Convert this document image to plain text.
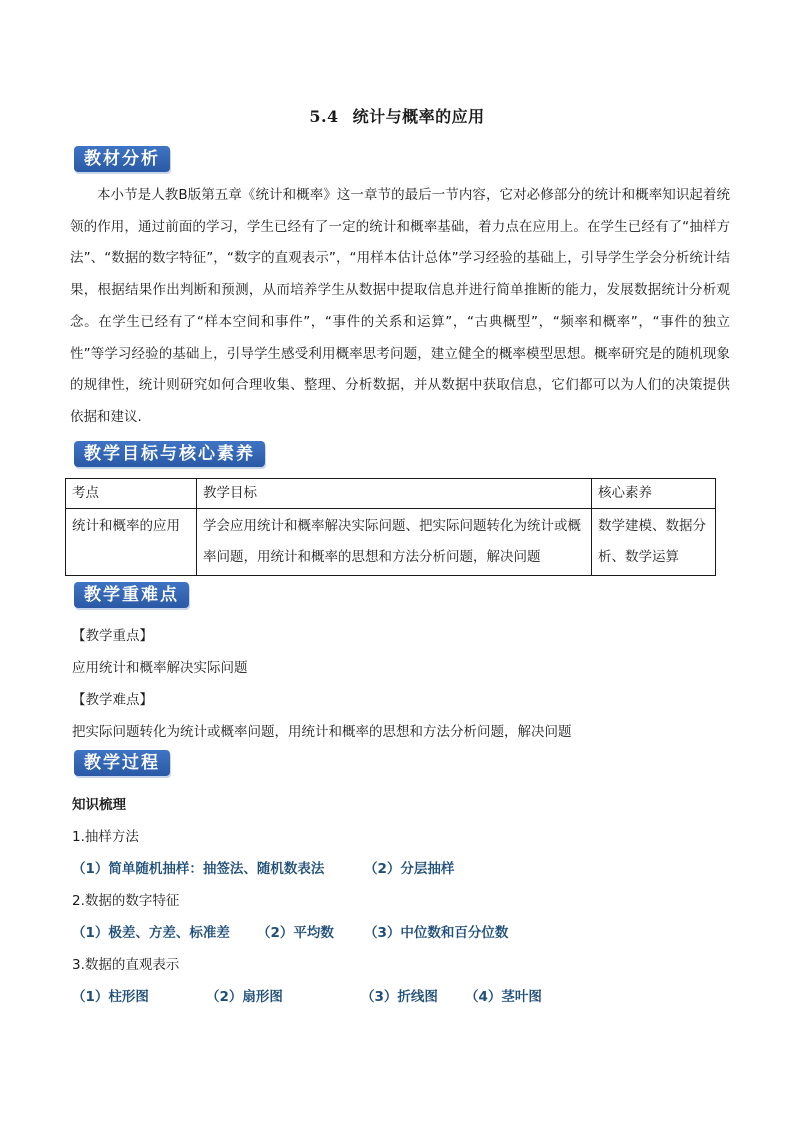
5.4 统计与概率的应用
教材分析
本小节是人教B版第五章《统计和概率》这一章节的最后一节内容，它对必修部分的统计和概率知识起着统领的作用，通过前面的学习，学生已经有了一定的统计和概率基础，着力点在应用上。在学生已经有了“抽样方法”、“数据的数字特征”，“数字的直观表示”，“用样本估计总体”学习经验的基础上，引导学生学会分析统计结果，根据结果作出判断和预测，从而培养学生从数据中提取信息并进行简单推断的能力，发展数据统计分析观念。在学生已经有了“样本空间和事件”，“事件的关系和运算”，“古典概型”，“频率和概率”，“事件的独立性”等学习经验的基础上，引导学生感受利用概率思考问题，建立健全的概率模型思想。概率研究是的随机现象的规律性，统计则研究如何合理收集、整理、分析数据，并从数据中获取信息，它们都可以为人们的决策提供依据和建议.
教学目标与核心素养
考点	教学目标	核心素养
统计和概率的应用	学会应用统计和概率解决实际问题、把实际问题转化为统计或概率问题，用统计和概率的思想和方法分析问题，解决问题	数学建模、数据分析、数学运算
教学重难点
【教学重点】
应用统计和概率解决实际问题
【教学难点】
把实际问题转化为统计或概率问题，用统计和概率的思想和方法分析问题，解决问题
教学过程
知识梳理
1.抽样方法
（1）简单随机抽样：抽签法、随机数表法	（2）分层抽样
2.数据的数字特征
（1）极差、方差、标准差 （2）平均数 （3）中位数和百分位数
3.数据的直观表示
（1）柱形图	（2）扇形图	（3）折线图 （4）茎叶图
